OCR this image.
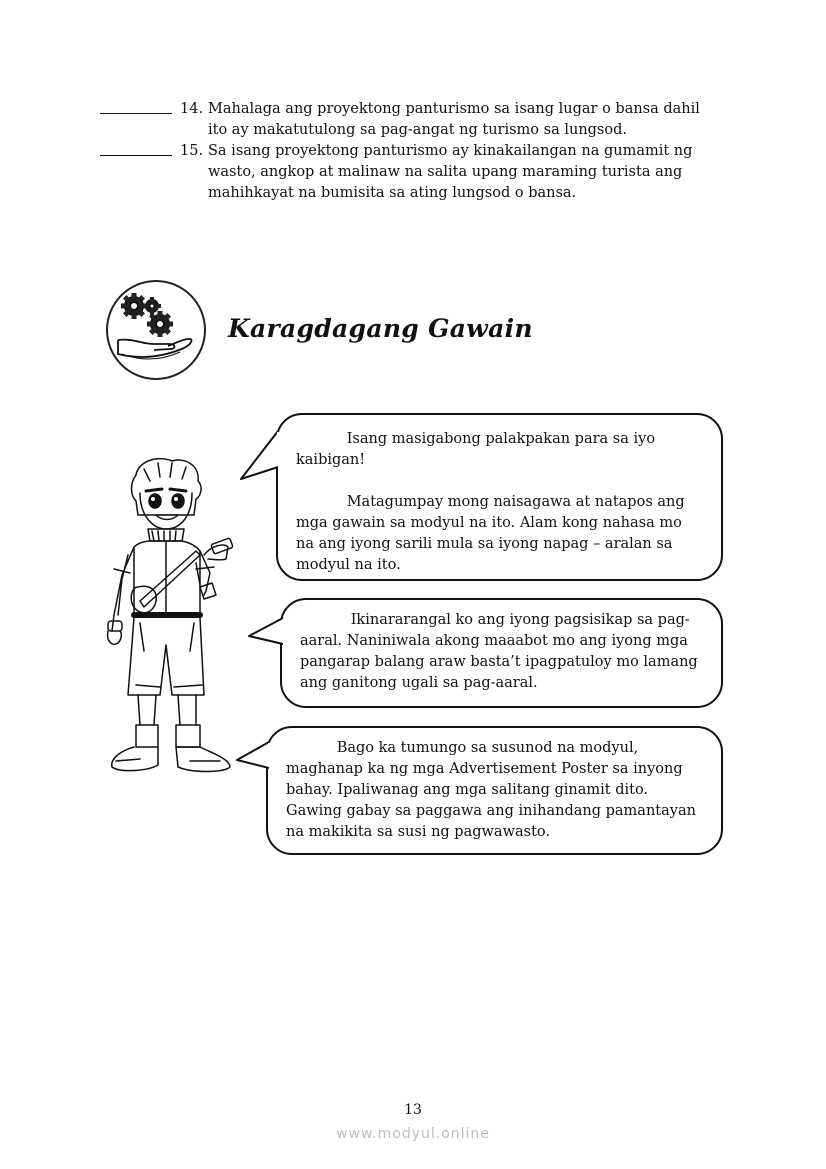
14. Mahalaga ang proyektong panturismo sa isang lugar o bansa dahil
ito ay makatutulong sa pag-angat ng turismo sa lungsod.
15. Sa isang proyektong panturismo ay kinakailangan na gumamit ng
wasto, angkop at malinaw na salita upang maraming turista ang
mahihkayat na bumisita sa ating lungsod o bansa.
Karagdagang Gawain

Isang masigabong palakpakan para sa iyo
kaibigan!

Matagumpay mong naisagawa at natapos ang
mga gawain sa modyul na ito. Alam kong nahasa mo
na ang iyong sarili mula sa iyong napag – aralan sa
modyul na ito.

Ikinararangal ko ang iyong pagsisikap sa pag-
aaral. Naniniwala akong maaabot mo ang iyong mga
pangarap balang araw basta’t ipagpatuloy mo lamang
ang ganitong ugali sa pag-aaral.

Bago ka tumungo sa susunod na modyul,
maghanap ka ng mga Advertisement Poster sa inyong
bahay. Ipaliwanag ang mga salitang ginamit dito.
Gawing gabay sa paggawa ang inihandang pamantayan
na makikita sa susi ng pagwawasto.

13
www.modyul.online
